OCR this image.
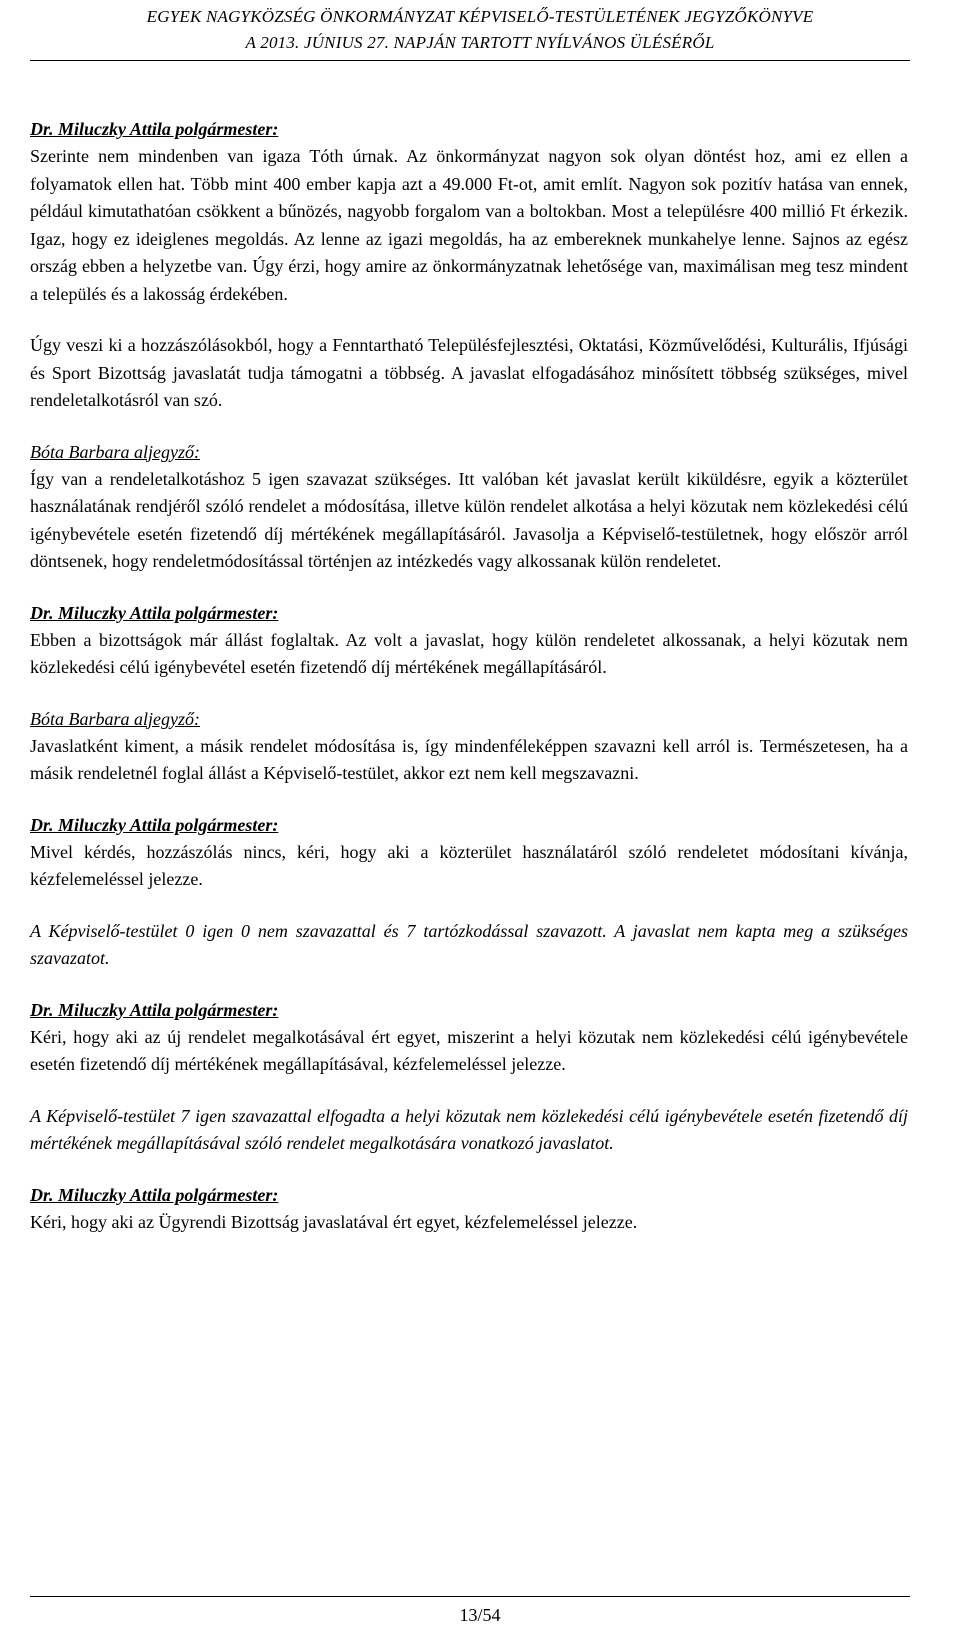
EGYEK NAGYKÖZSÉG ÖNKORMÁNYZAT KÉPVISELŐ-TESTÜLETÉNEK JEGYZŐKÖNYVE
A 2013. JÚNIUS 27. NAPJÁN TARTOTT NYÍLVÁNOS ÜLÉSÉRŐL
Dr. Miluczky Attila polgármester:

Szerinte nem mindenben van igaza Tóth úrnak. Az önkormányzat nagyon sok olyan döntést hoz, ami ez ellen a folyamatok ellen hat. Több mint 400 ember kapja azt a 49.000 Ft-ot, amit említ. Nagyon sok pozitív hatása van ennek, például kimutathatóan csökkent a bűnözés, nagyobb forgalom van a boltokban. Most a településre 400 millió Ft érkezik. Igaz, hogy ez ideiglenes megoldás. Az lenne az igazi megoldás, ha az embereknek munkahelye lenne. Sajnos az egész ország ebben a helyzetbe van. Úgy érzi, hogy amire az önkormányzatnak lehetősége van, maximálisan meg tesz mindent a település és a lakosság érdekében.

Úgy veszi ki a hozzászólásokból, hogy a Fenntartható Településfejlesztési, Oktatási, Közművelődési, Kulturális, Ifjúsági és Sport Bizottság javaslatát tudja támogatni a többség. A javaslat elfogadásához minősített többség szükséges, mivel rendeletalkotásról van szó.

Bóta Barbara aljegyző:

Így van a rendeletalkotáshoz 5 igen szavazat szükséges. Itt valóban két javaslat került kiküldésre, egyik a közterület használatának rendjéről szóló rendelet a módosítása, illetve külön rendelet alkotása a helyi közutak nem közlekedési célú igénybevétele esetén fizetendő díj mértékének megállapításáról. Javasolja a Képviselő-testületnek, hogy először arról döntsenek, hogy rendeletmódosítással történjen az intézkedés vagy alkossanak külön rendeletet.

Dr. Miluczky Attila polgármester:

Ebben a bizottságok már állást foglaltak. Az volt a javaslat, hogy külön rendeletet alkossanak, a helyi közutak nem közlekedési célú igénybevétel esetén fizetendő díj mértékének megállapításáról.

Bóta Barbara aljegyző:

Javaslatként kiment, a másik rendelet módosítása is, így mindenféleképpen szavazni kell arról is. Természetesen, ha a másik rendeletnél foglal állást a Képviselő-testület, akkor ezt nem kell megszavazni.

Dr. Miluczky Attila polgármester:

Mivel kérdés, hozzászólás nincs, kéri, hogy aki a közterület használatáról szóló rendeletet módosítani kívánja, kézfelemeléssel jelezze.

A Képviselő-testület 0 igen 0 nem szavazattal és 7 tartózkodással szavazott. A javaslat nem kapta meg a szükséges szavazatot.

Dr. Miluczky Attila polgármester:

Kéri, hogy aki az új rendelet megalkotásával ért egyet, miszerint a helyi közutak nem közlekedési célú igénybevétele esetén fizetendő díj mértékének megállapításával, kézfelemeléssel jelezze.

A Képviselő-testület 7 igen szavazattal elfogadta a helyi közutak nem közlekedési célú igénybevétele esetén fizetendő díj mértékének megállapításával szóló rendelet megalkotására vonatkozó javaslatot.

Dr. Miluczky Attila polgármester:

Kéri, hogy aki az Ügyrendi Bizottság javaslatával ért egyet, kézfelemeléssel jelezze.

13/54
